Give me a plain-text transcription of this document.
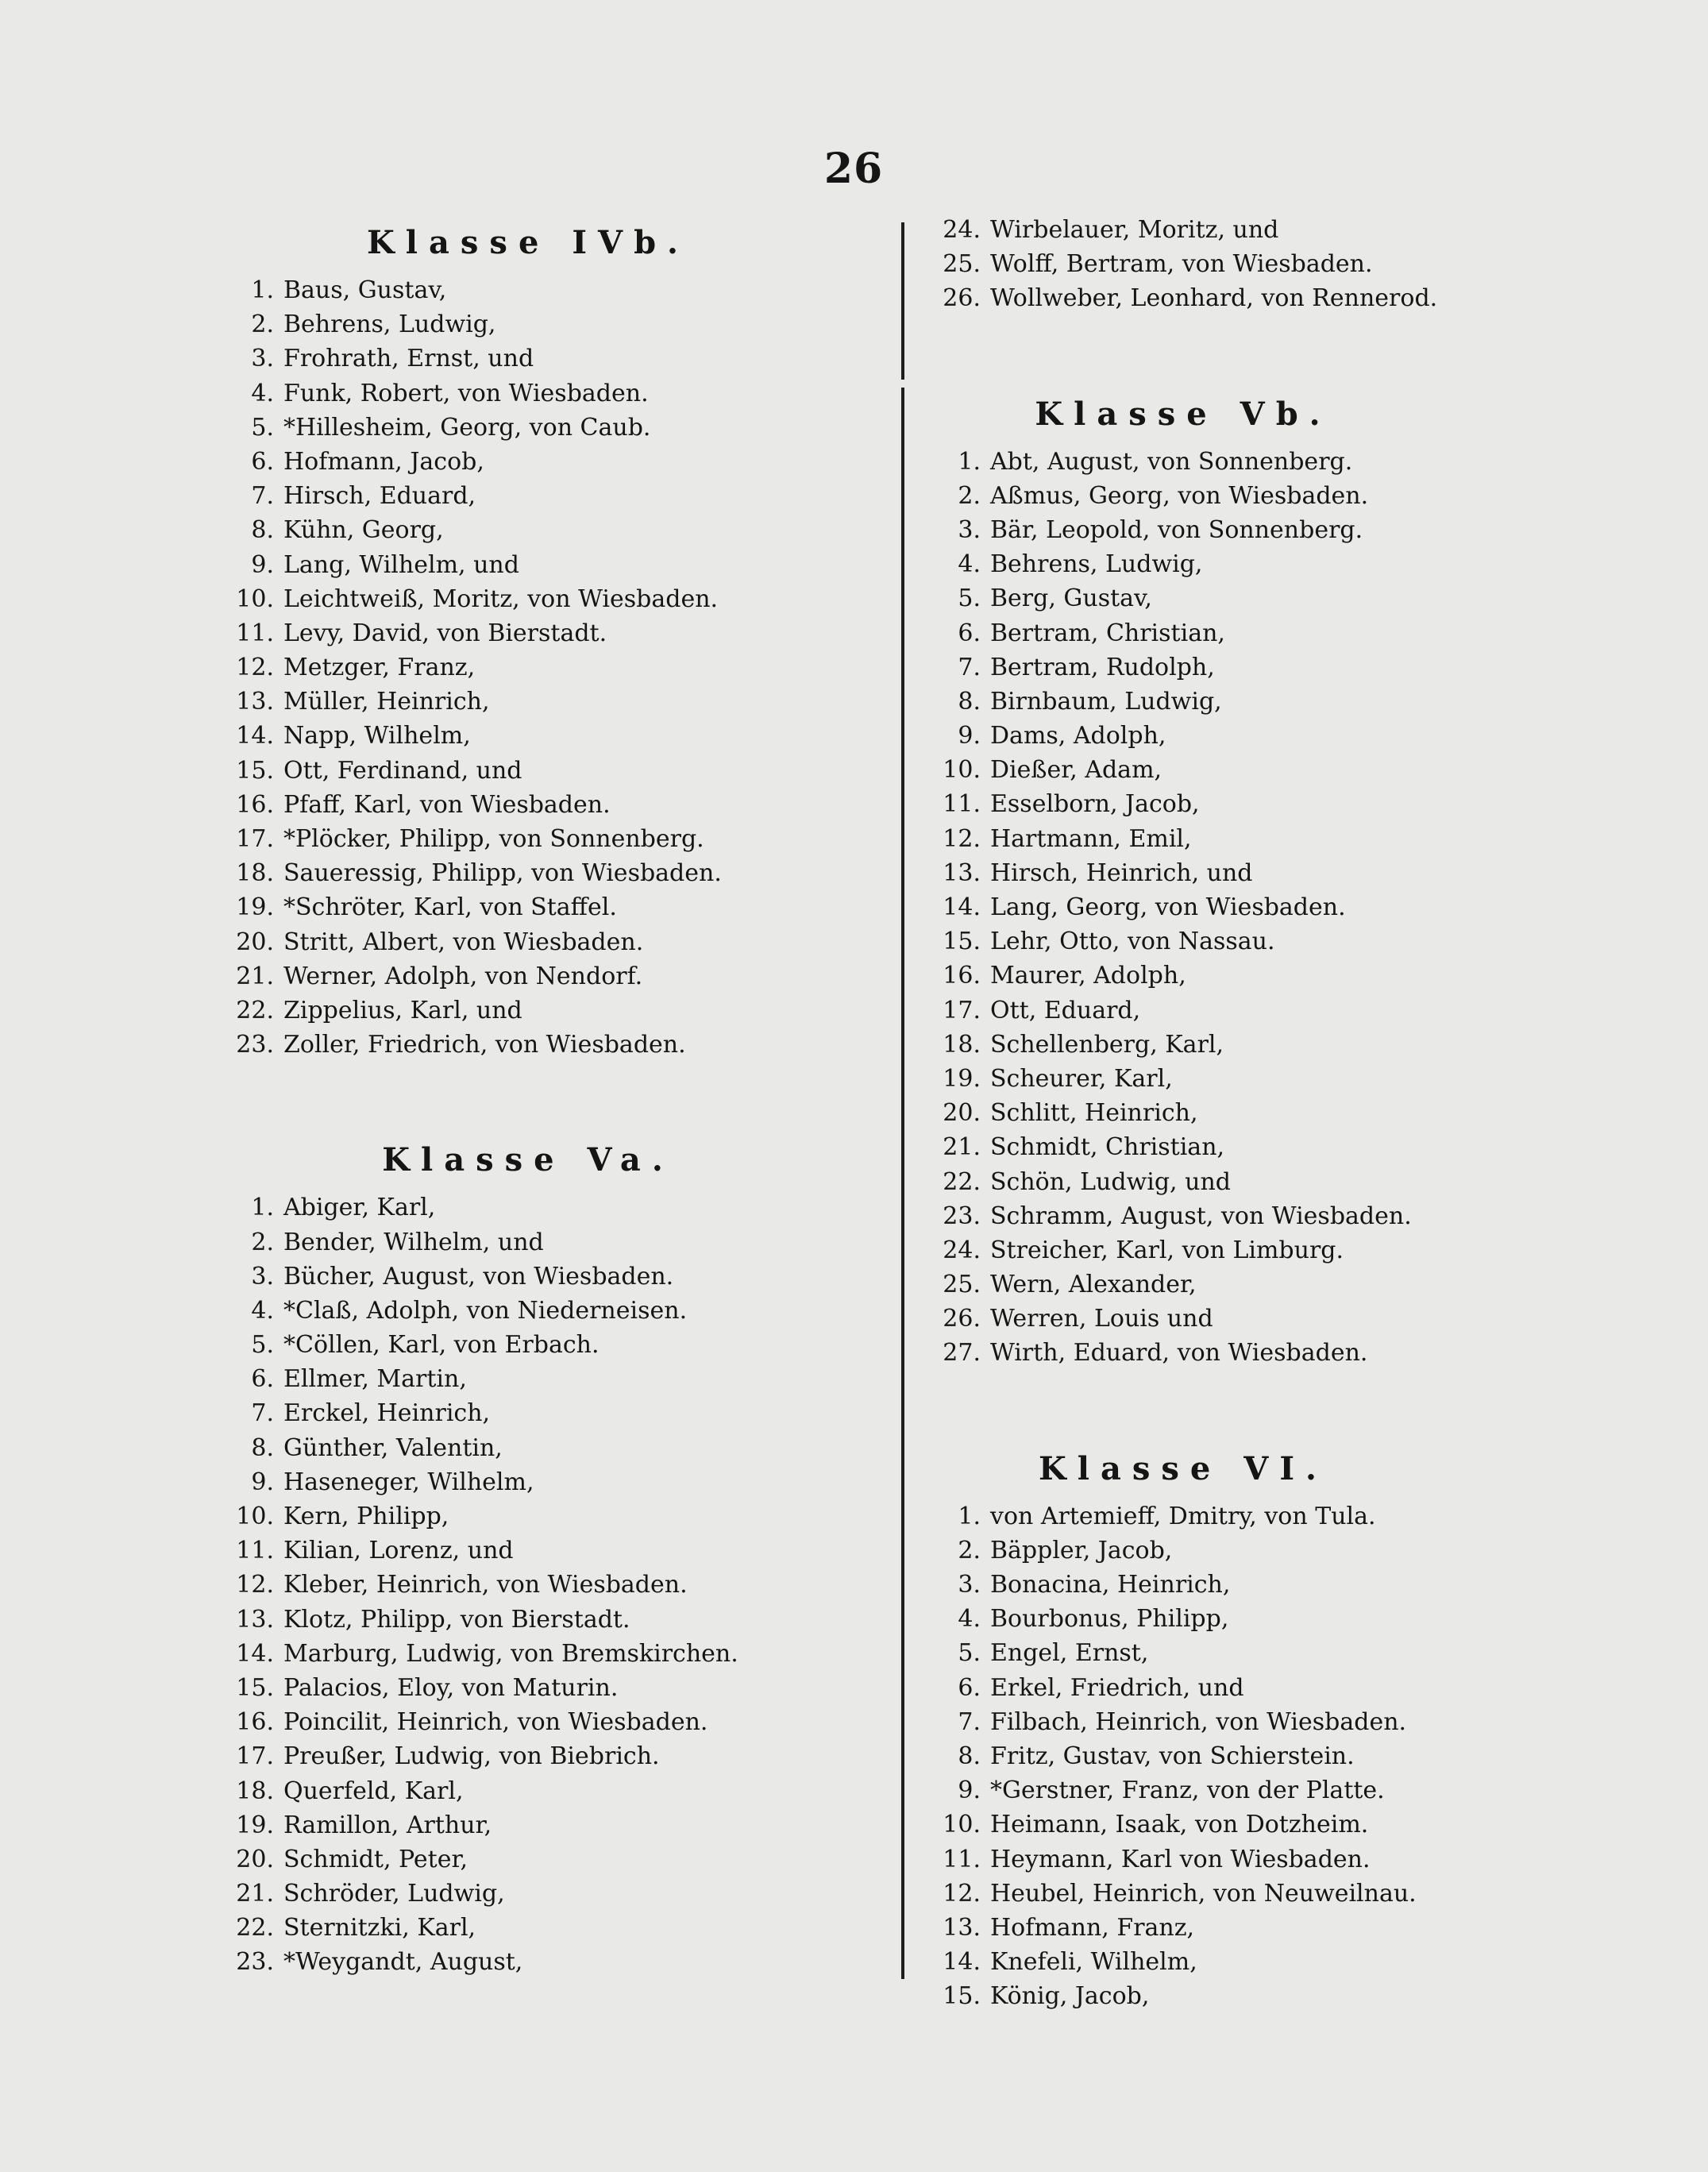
26
Klasse IVb.
1. Baus, Gustav,
2. Behrens, Ludwig,
3. Frohrath, Ernst, und
4. Funk, Robert, von Wiesbaden.
5. *Hillesheim, Georg, von Caub.
6. Hofmann, Jacob,
7. Hirsch, Eduard,
8. Kühn, Georg,
9. Lang, Wilhelm, und
10. Leichtweiß, Moritz, von Wiesbaden.
11. Levy, David, von Bierstadt.
12. Metzger, Franz,
13. Müller, Heinrich,
14. Napp, Wilhelm,
15. Ott, Ferdinand, und
16. Pfaff, Karl, von Wiesbaden.
17. *Plöcker, Philipp, von Sonnenberg.
18. Saueressig, Philipp, von Wiesbaden.
19. *Schröter, Karl, von Staffel.
20. Stritt, Albert, von Wiesbaden.
21. Werner, Adolph, von Nendorf.
22. Zippelius, Karl, und
23. Zoller, Friedrich, von Wiesbaden.
Klasse Va.
1. Abiger, Karl,
2. Bender, Wilhelm, und
3. Bücher, August, von Wiesbaden.
4. *Claß, Adolph, von Niederneisen.
5. *Cöllen, Karl, von Erbach.
6. Ellmer, Martin,
7. Erckel, Heinrich,
8. Günther, Valentin,
9. Haseneger, Wilhelm,
10. Kern, Philipp,
11. Kilian, Lorenz, und
12. Kleber, Heinrich, von Wiesbaden.
13. Klotz, Philipp, von Bierstadt.
14. Marburg, Ludwig, von Bremskirchen.
15. Palacios, Eloy, von Maturin.
16. Poincilit, Heinrich, von Wiesbaden.
17. Preußer, Ludwig, von Biebrich.
18. Querfeld, Karl,
19. Ramillon, Arthur,
20. Schmidt, Peter,
21. Schröder, Ludwig,
22. Sternitzki, Karl,
23. *Weygandt, August,
24. Wirbelauer, Moritz, und
25. Wolff, Bertram, von Wiesbaden.
26. Wollweber, Leonhard, von Rennerod.
Klasse Vb.
1. Abt, August, von Sonnenberg.
2. Aßmus, Georg, von Wiesbaden.
3. Bär, Leopold, von Sonnenberg.
4. Behrens, Ludwig,
5. Berg, Gustav,
6. Bertram, Christian,
7. Bertram, Rudolph,
8. Birnbaum, Ludwig,
9. Dams, Adolph,
10. Dießer, Adam,
11. Esselborn, Jacob,
12. Hartmann, Emil,
13. Hirsch, Heinrich, und
14. Lang, Georg, von Wiesbaden.
15. Lehr, Otto, von Nassau.
16. Maurer, Adolph,
17. Ott, Eduard,
18. Schellenberg, Karl,
19. Scheurer, Karl,
20. Schlitt, Heinrich,
21. Schmidt, Christian,
22. Schön, Ludwig, und
23. Schramm, August, von Wiesbaden.
24. Streicher, Karl, von Limburg.
25. Wern, Alexander,
26. Werren, Louis und
27. Wirth, Eduard, von Wiesbaden.
Klasse VI.
1. von Artemieff, Dmitry, von Tula.
2. Bäppler, Jacob,
3. Bonacina, Heinrich,
4. Bourbonus, Philipp,
5. Engel, Ernst,
6. Erkel, Friedrich, und
7. Filbach, Heinrich, von Wiesbaden.
8. Fritz, Gustav, von Schierstein.
9. *Gerstner, Franz, von der Platte.
10. Heimann, Isaak, von Dotzheim.
11. Heymann, Karl von Wiesbaden.
12. Heubel, Heinrich, von Neuweilnau.
13. Hofmann, Franz,
14. Knefeli, Wilhelm,
15. König, Jacob,
